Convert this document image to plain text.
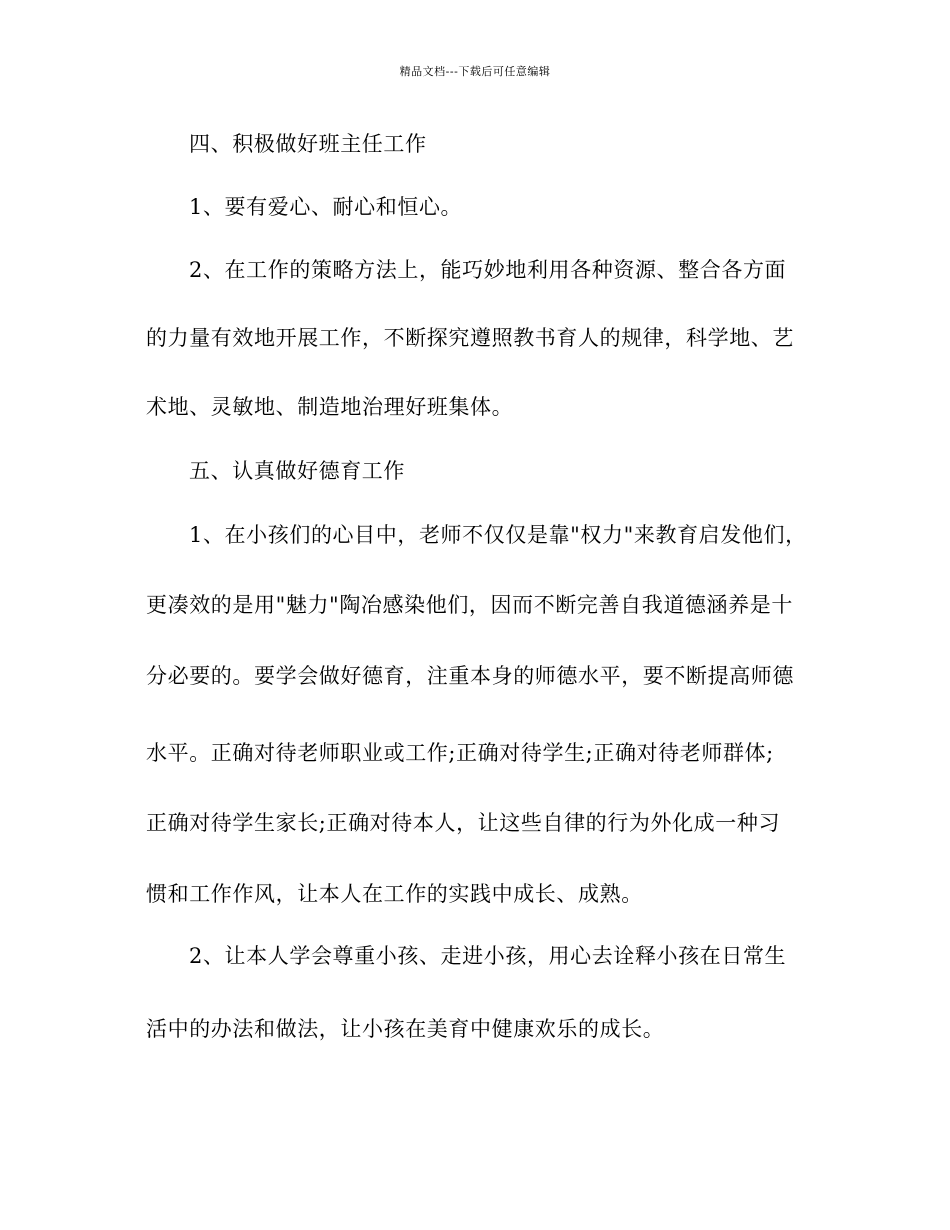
精品文档---下载后可任意编辑
四、积极做好班主任工作
1、要有爱心、耐心和恒心。
2、在工作的策略方法上，能巧妙地利用各种资源、整合各方面
的力量有效地开展工作，不断探究遵照教书育人的规律，科学地、艺
术地、灵敏地、制造地治理好班集体。
五、认真做好德育工作
1、在小孩们的心目中，老师不仅仅是靠"权力"来教育启发他们，
更凑效的是用"魅力"陶冶感染他们，因而不断完善自我道德涵养是十
分必要的。要学会做好德育，注重本身的师德水平，要不断提高师德
水平。正确对待老师职业或工作;正确对待学生;正确对待老师群体;
正确对待学生家长;正确对待本人，让这些自律的行为外化成一种习
惯和工作作风，让本人在工作的实践中成长、成熟。
2、让本人学会尊重小孩、走进小孩，用心去诠释小孩在日常生
活中的办法和做法，让小孩在美育中健康欢乐的成长。
